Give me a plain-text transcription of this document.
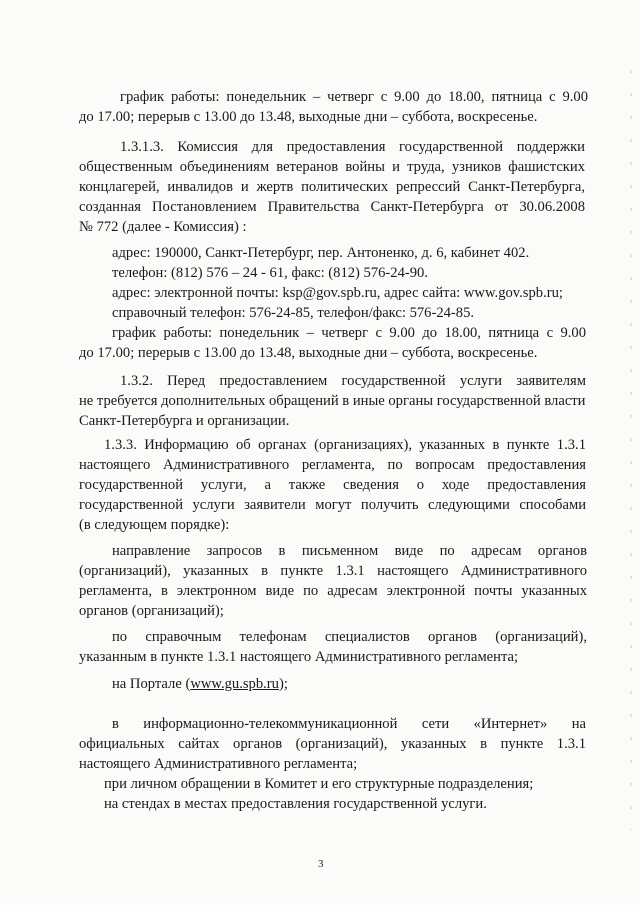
график работы: понедельник – четверг с 9.00 до 18.00, пятница с 9.00
до 17.00; перерыв с 13.00 до 13.48, выходные дни – суббота, воскресенье.
1.3.1.3. Комиссия для предоставления государственной поддержки
общественным объединениям ветеранов войны и труда, узников фашистских
концлагерей, инвалидов и жертв политических репрессий Санкт-Петербурга,
созданная Постановлением Правительства Санкт-Петербурга от 30.06.2008
№ 772 (далее - Комиссия) :
адрес: 190000, Санкт-Петербург, пер. Антоненко, д. 6, кабинет 402.
телефон: (812) 576 – 24 - 61, факс: (812) 576-24-90.
адрес: электронной почты: ksp@gov.spb.ru, адрес сайта: www.gov.spb.ru;
справочный телефон: 576-24-85, телефон/факс: 576-24-85.
график работы: понедельник – четверг с 9.00 до 18.00, пятница с 9.00
до 17.00; перерыв с 13.00 до 13.48, выходные дни – суббота, воскресенье.
1.3.2. Перед предоставлением государственной услуги заявителям
не требуется дополнительных обращений в иные органы государственной власти
Санкт-Петербурга и организации.
1.3.3. Информацию об органах (организациях), указанных в пункте 1.3.1
настоящего Административного регламента, по вопросам предоставления
государственной услуги, а также сведения о ходе предоставления
государственной услуги заявители могут получить следующими способами
(в следующем порядке):
направление запросов в письменном виде по адресам органов
(организаций), указанных в пункте 1.3.1 настоящего Административного
регламента, в электронном виде по адресам электронной почты указанных
органов (организаций);
по справочным телефонам специалистов органов (организаций),
указанным в пункте 1.3.1 настоящего Административного регламента;
на Портале (www.gu.spb.ru);
в информационно-телекоммуникационной сети «Интернет» на
официальных сайтах органов (организаций), указанных в пункте 1.3.1
настоящего Административного регламента;
при личном обращении в Комитет и его структурные подразделения;
на стендах в местах предоставления государственной услуги.
3
